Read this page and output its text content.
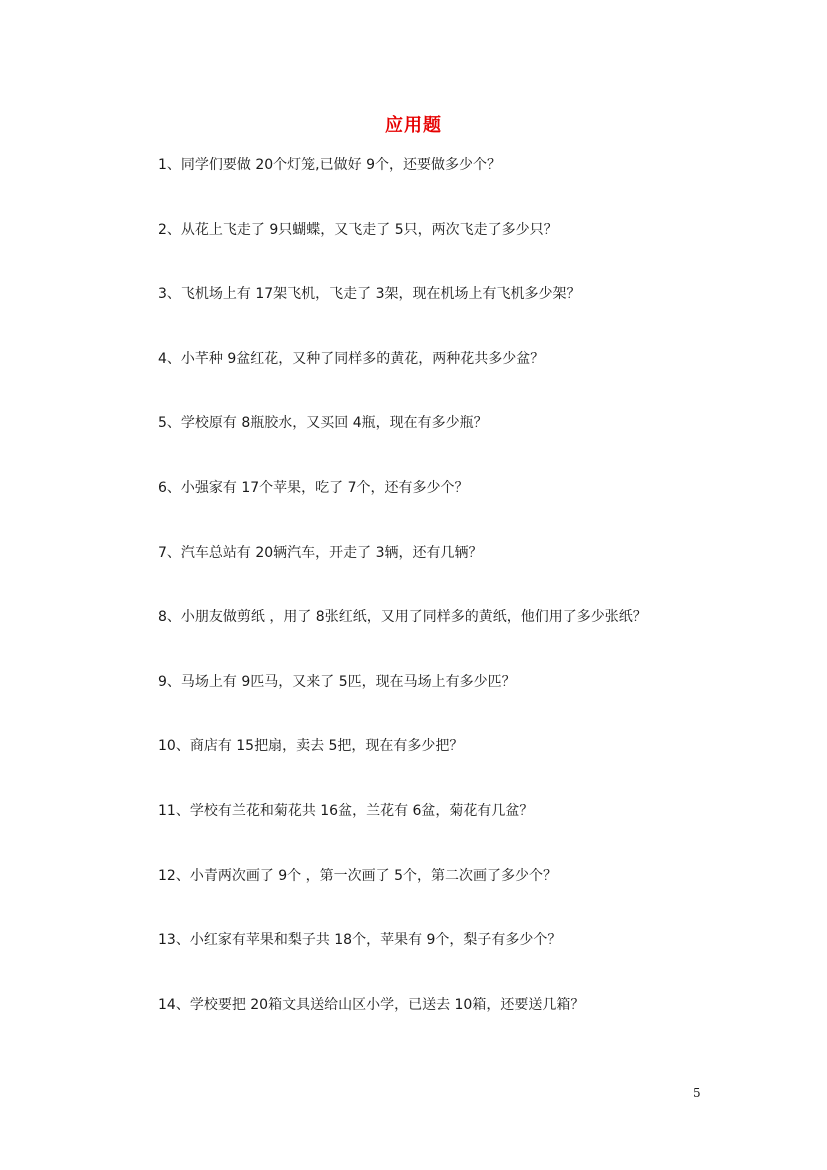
应用题
1、同学们要做 20个灯笼,已做好 9个，还要做多少个？
2、从花上飞走了 9只蝴蝶，又飞走了 5只，两次飞走了多少只？
3、飞机场上有 17架飞机，飞走了 3架，现在机场上有飞机多少架？
4、小芊种 9盆红花，又种了同样多的黄花，两种花共多少盆？
5、学校原有 8瓶胶水，又买回 4瓶，现在有多少瓶？
6、小强家有 17个苹果，吃了 7个，还有多少个？
7、汽车总站有 20辆汽车，开走了 3辆，还有几辆？
8、小朋友做剪纸 ，用了 8张红纸，又用了同样多的黄纸，他们用了多少张纸？
9、马场上有 9匹马，又来了 5匹，现在马场上有多少匹？
10、商店有 15把扇，卖去 5把，现在有多少把？
11、学校有兰花和菊花共 16盆，兰花有 6盆，菊花有几盆？
12、小青两次画了 9个 ，第一次画了 5个，第二次画了多少个？
13、小红家有苹果和梨子共 18个，苹果有 9个，梨子有多少个？
14、学校要把 20箱文具送给山区小学，已送去 10箱，还要送几箱？
5
